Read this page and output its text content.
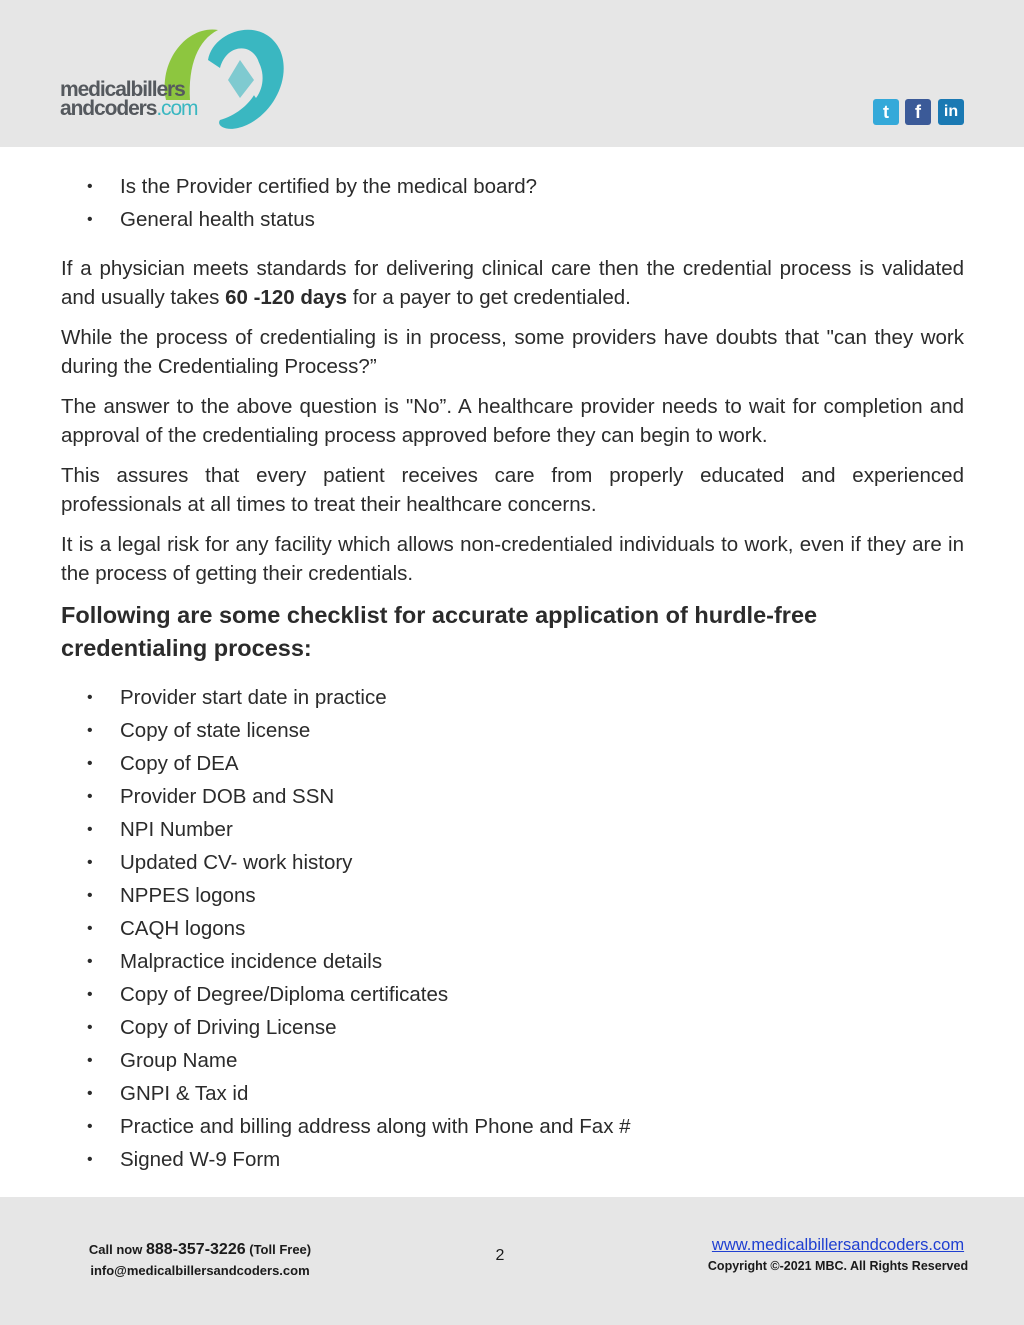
medicalbillers
andcoders.com	t	f	in
• Is the Provider certified by the medical board?
• General health status

If a physician meets standards for delivering clinical care then the credential process is validated and usually takes 60 -120 days for a payer to get credentialed.

While the process of credentialing is in process, some providers have doubts that "can they work during the Credentialing Process?”

The answer to the above question is "No”. A healthcare provider needs to wait for completion and approval of the credentialing process approved before they can begin to work.

This assures that every patient receives care from properly educated and experienced professionals at all times to treat their healthcare concerns.

It is a legal risk for any facility which allows non-credentialed individuals to work, even if they are in the process of getting their credentials.

Following are some checklist for accurate application of hurdle-free credentialing process:
• Provider start date in practice
• Copy of state license
• Copy of DEA
• Provider DOB and SSN
• NPI Number
• Updated CV- work history
• NPPES logons
• CAQH logons
• Malpractice incidence details
• Copy of Degree/Diploma certificates
• Copy of Driving License
• Group Name
• GNPI & Tax id
• Practice and billing address along with Phone and Fax #
• Signed W-9 Form
Call now 888-357-3226 (Toll Free)
info@medicalbillersandcoders.com
2
www.medicalbillersandcoders.com
Copyright ©-2021 MBC. All Rights Reserved
